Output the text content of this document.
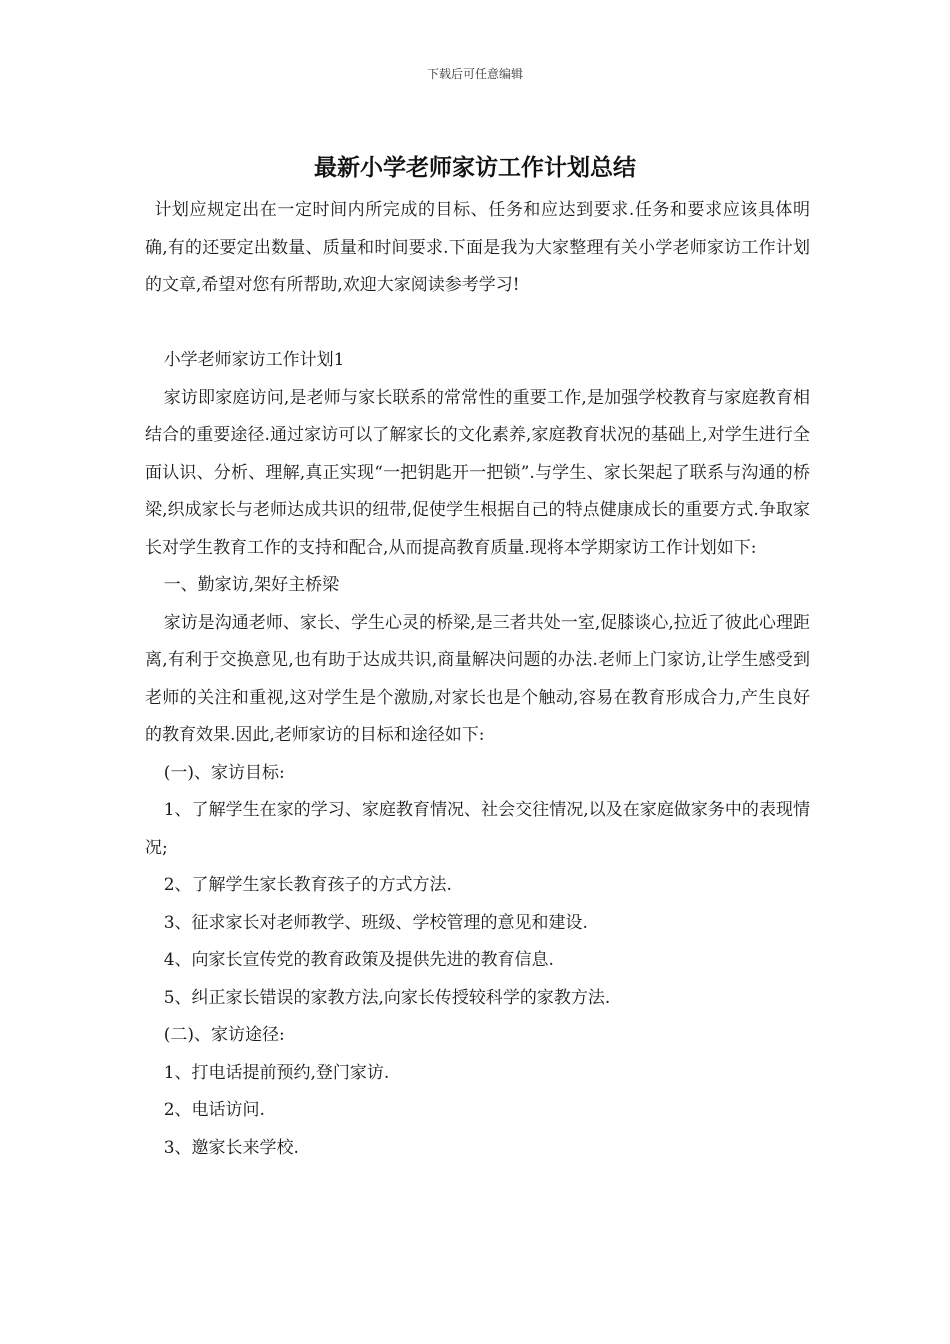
下载后可任意编辑
最新小学老师家访工作计划总结

计划应规定出在一定时间内所完成的目标、任务和应达到要求.任务和要求应该具体明确,有的还要定出数量、质量和时间要求.下面是我为大家整理有关小学老师家访工作计划的文章,希望对您有所帮助,欢迎大家阅读参考学习!

小学老师家访工作计划1

家访即家庭访问,是老师与家长联系的常常性的重要工作,是加强学校教育与家庭教育相结合的重要途径.通过家访可以了解家长的文化素养,家庭教育状况的基础上,对学生进行全面认识、分析、理解,真正实现“一把钥匙开一把锁”.与学生、家长架起了联系与沟通的桥梁,织成家长与老师达成共识的纽带,促使学生根据自己的特点健康成长的重要方式.争取家长对学生教育工作的支持和配合,从而提高教育质量.现将本学期家访工作计划如下:

一、勤家访,架好主桥梁

家访是沟通老师、家长、学生心灵的桥梁,是三者共处一室,促膝谈心,拉近了彼此心理距离,有利于交换意见,也有助于达成共识,商量解决问题的办法.老师上门家访,让学生感受到老师的关注和重视,这对学生是个激励,对家长也是个触动,容易在教育形成合力,产生良好的教育效果.因此,老师家访的目标和途径如下:

(一)、家访目标:

1、了解学生在家的学习、家庭教育情况、社会交往情况,以及在家庭做家务中的表现情况;

2、了解学生家长教育孩子的方式方法.

3、征求家长对老师教学、班级、学校管理的意见和建设.

4、向家长宣传党的教育政策及提供先进的教育信息.

5、纠正家长错误的家教方法,向家长传授较科学的家教方法.

(二)、家访途径:

1、打电话提前预约,登门家访.

2、电话访问.

3、邀家长来学校.
